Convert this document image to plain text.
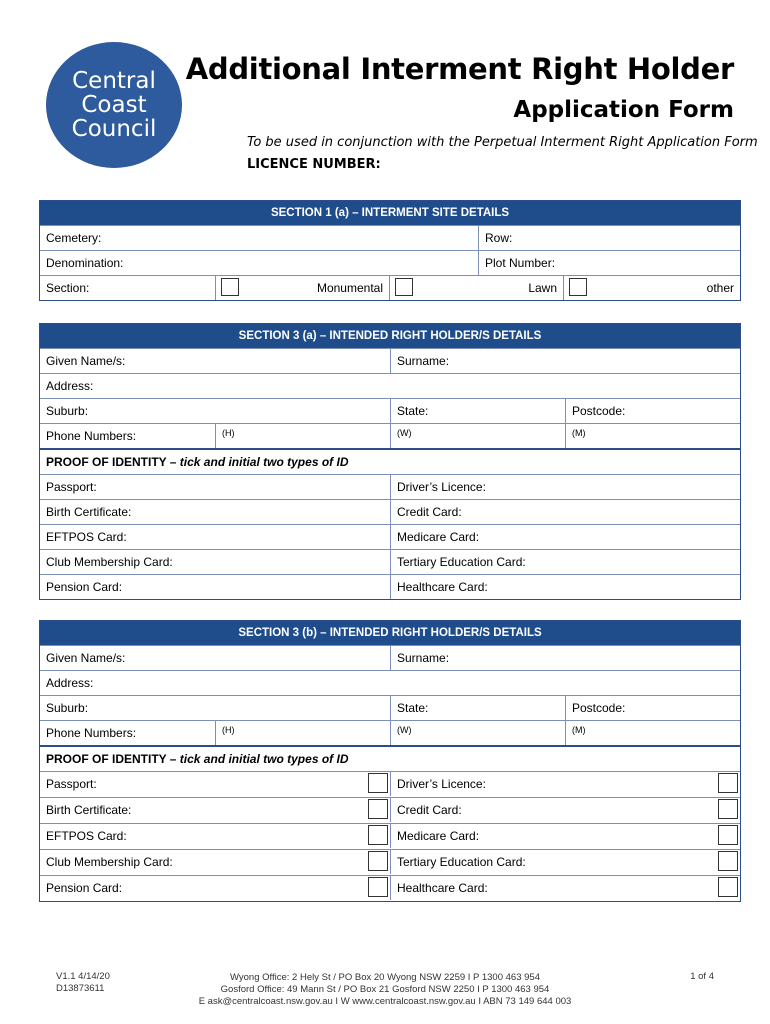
Central
Coast
Council
Additional Interment Right Holder
Application Form
To be used in conjunction with the Perpetual Interment Right Application Form
LICENCE NUMBER:
SECTION 1 (a) – INTERMENT SITE DETAILS
Cemetery:	Row:
Denomination:	Plot Number:
Section:	Monumental	Lawn	other
SECTION 3 (a) – INTENDED RIGHT HOLDER/S DETAILS
Given Name/s:	Surname:
Address:
Suburb:	State:	Postcode:
Phone Numbers:	(H)	(W)	(M)
PROOF OF IDENTITY – tick and initial two types of ID
Passport:	Driver’s Licence:
Birth Certificate:	Credit Card:
EFTPOS Card:	Medicare Card:
Club Membership Card:	Tertiary Education Card:
Pension Card:	Healthcare Card:
SECTION 3 (b) – INTENDED RIGHT HOLDER/S DETAILS
Given Name/s:	Surname:
Address:
Suburb:	State:	Postcode:
Phone Numbers:	(H)	(W)	(M)
PROOF OF IDENTITY – tick and initial two types of ID
Passport:	Driver’s Licence:
Birth Certificate:	Credit Card:
EFTPOS Card:	Medicare Card:
Club Membership Card:	Tertiary Education Card:
Pension Card:	Healthcare Card:
V1.1 4/14/20
D13873611
Wyong Office: 2 Hely St / PO Box 20 Wyong NSW 2259 I P 1300 463 954
Gosford Office: 49 Mann St / PO Box 21 Gosford NSW 2250 I P 1300 463 954
E ask@centralcoast.nsw.gov.au I W www.centralcoast.nsw.gov.au I ABN 73 149 644 003
1 of 4
